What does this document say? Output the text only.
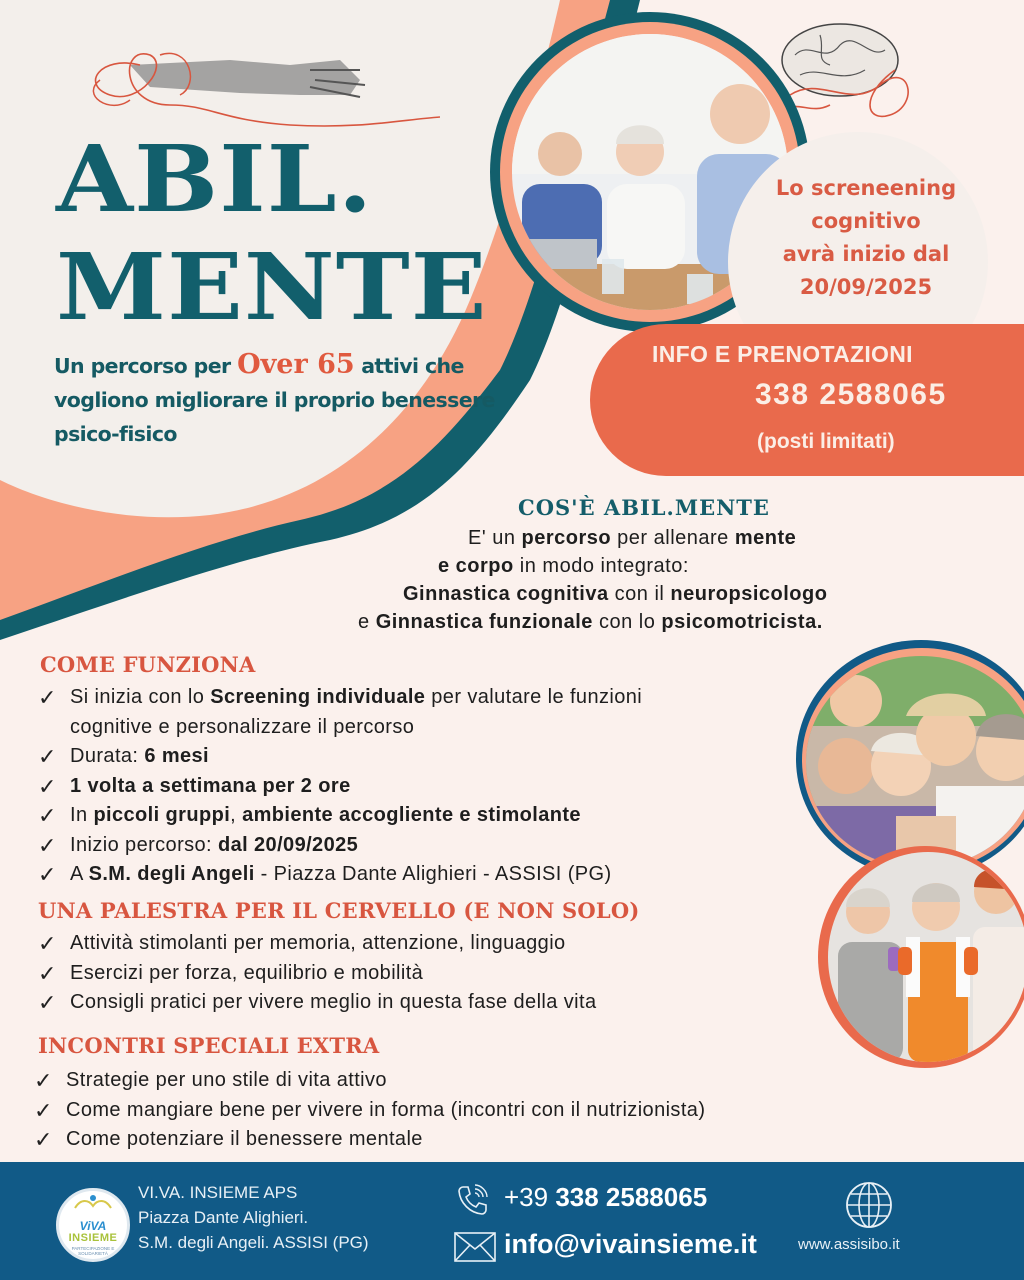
Lo screneening
cognitivo
avrà inizio dal
20/09/2025
ABIL.
MENTE
Un percorso per Over 65 attivi che vogliono migliorare il proprio benessere psico-fisico
INFO E PRENOTAZIONI
338 2588065
(posti limitati)
COS'È ABIL.MENTE
E' un percorso per allenare mente
e corpo in modo integrato:
Ginnastica cognitiva con il neuropsicologo
e Ginnastica funzionale con lo psicomotricista.
COME FUNZIONA
✓ Si inizia con lo Screening individuale per valutare le funzioni
cognitive e personalizzare il percorso
✓ Durata: 6 mesi
✓ 1 volta a settimana per 2 ore
✓ In piccoli gruppi, ambiente accogliente e stimolante
✓ Inizio percorso: dal 20/09/2025
✓ A S.M. degli Angeli - Piazza Dante Alighieri - ASSISI (PG)
UNA PALESTRA PER IL CERVELLO (E NON SOLO)
✓ Attività stimolanti per memoria, attenzione, linguaggio
✓ Esercizi per forza, equilibrio e mobilità
✓ Consigli pratici per vivere meglio in questa fase della vita
INCONTRI SPECIALI EXTRA
✓ Strategie per uno stile di vita attivo
✓ Come mangiare bene per vivere in forma (incontri con il nutrizionista)
✓ Come potenziare il benessere mentale
ViVA
INSIEME
PARTECIPAZIONE E SOLIDARIETÀ
VI.VA. INSIEME APS
Piazza Dante Alighieri.
S.M. degli Angeli. ASSISI (PG)
+39 338 2588065
info@vivainsieme.it	www.assisibo.it
